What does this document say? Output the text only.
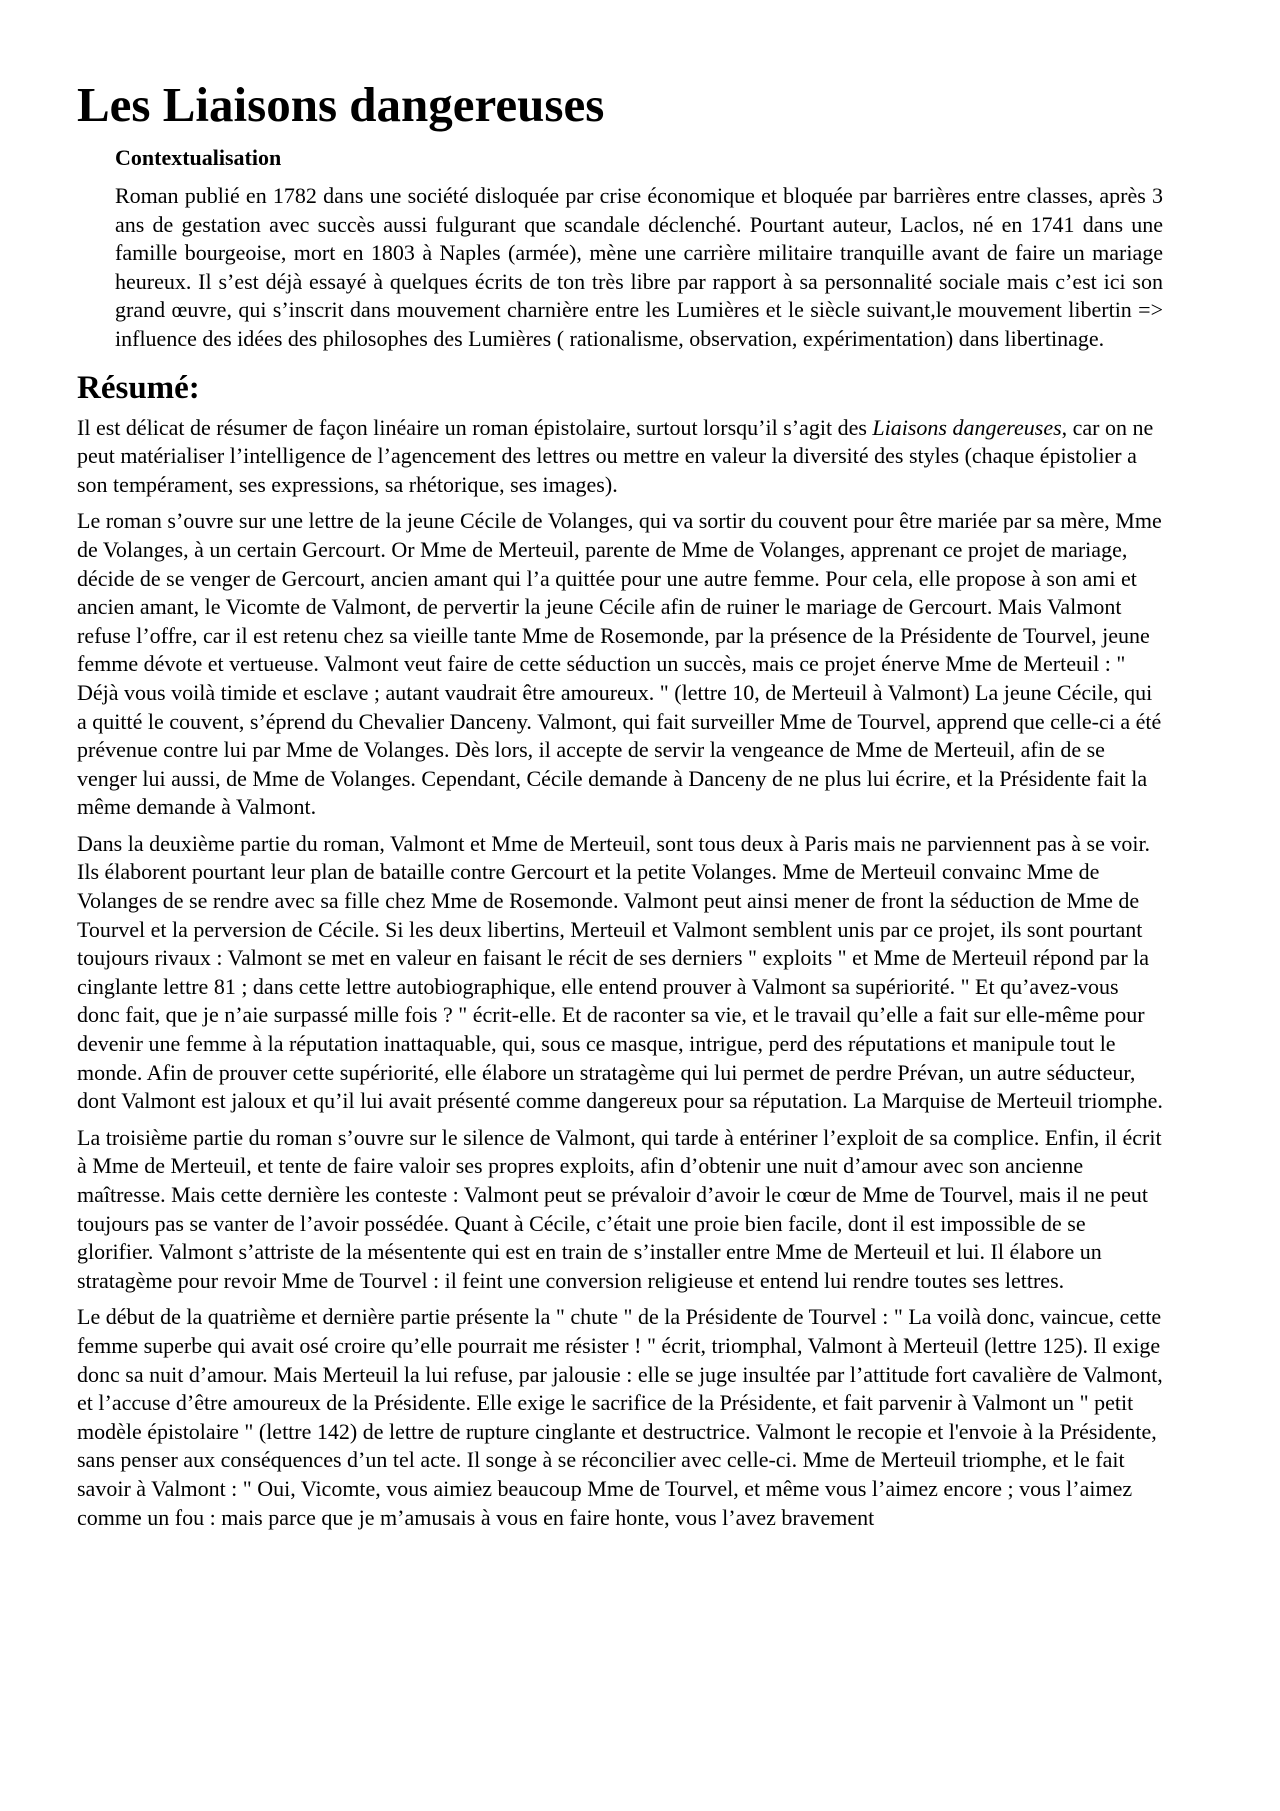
Les Liaisons dangereuses
Contextualisation

Roman publié en 1782 dans une société disloquée par crise économique et bloquée par barrières entre classes, après 3 ans de gestation avec succès aussi fulgurant que scandale déclenché. Pourtant auteur, Laclos, né en 1741 dans une famille bourgeoise, mort en 1803 à Naples (armée), mène une carrière militaire tranquille avant de faire un mariage heureux. Il s’est déjà essayé à quelques écrits de ton très libre par rapport à sa personnalité sociale mais c’est ici son grand œuvre, qui s’inscrit dans mouvement charnière entre les Lumières et le siècle suivant,le mouvement libertin => influence des idées des philosophes des Lumières ( rationalisme, observation, expérimentation) dans libertinage.

Résumé:

Il est délicat de résumer de façon linéaire un roman épistolaire, surtout lorsqu’il s’agit des Liaisons dangereuses, car on ne peut matérialiser l’intelligence de l’agencement des lettres ou mettre en valeur la diversité des styles (chaque épistolier a son tempérament, ses expressions, sa rhétorique, ses images).

Le roman s’ouvre sur une lettre de la jeune Cécile de Volanges, qui va sortir du couvent pour être mariée par sa mère, Mme de Volanges, à un certain Gercourt. Or Mme de Merteuil, parente de Mme de Volanges, apprenant ce projet de mariage, décide de se venger de Gercourt, ancien amant qui l’a quittée pour une autre femme. Pour cela, elle propose à son ami et ancien amant, le Vicomte de Valmont, de pervertir la jeune Cécile afin de ruiner le mariage de Gercourt. Mais Valmont refuse l’offre, car il est retenu chez sa vieille tante Mme de Rosemonde, par la présence de la Présidente de Tourvel, jeune femme dévote et vertueuse. Valmont veut faire de cette séduction un succès, mais ce projet énerve Mme de Merteuil : " Déjà vous voilà timide et esclave ; autant vaudrait être amoureux. " (lettre 10, de Merteuil à Valmont) La jeune Cécile, qui a quitté le couvent, s’éprend du Chevalier Danceny. Valmont, qui fait surveiller Mme de Tourvel, apprend que celle-ci a été prévenue contre lui par Mme de Volanges. Dès lors, il accepte de servir la vengeance de Mme de Merteuil, afin de se venger lui aussi, de Mme de Volanges. Cependant, Cécile demande à Danceny de ne plus lui écrire, et la Présidente fait la même demande à Valmont.

Dans la deuxième partie du roman, Valmont et Mme de Merteuil, sont tous deux à Paris mais ne parviennent pas à se voir. Ils élaborent pourtant leur plan de bataille contre Gercourt et la petite Volanges. Mme de Merteuil convainc Mme de Volanges de se rendre avec sa fille chez Mme de Rosemonde. Valmont peut ainsi mener de front la séduction de Mme de Tourvel et la perversion de Cécile. Si les deux libertins, Merteuil et Valmont semblent unis par ce projet, ils sont pourtant toujours rivaux : Valmont se met en valeur en faisant le récit de ses derniers " exploits " et Mme de Merteuil répond par la cinglante lettre 81 ; dans cette lettre autobiographique, elle entend prouver à Valmont sa supériorité. " Et qu’avez-vous donc fait, que je n’aie surpassé mille fois ? " écrit-elle. Et de raconter sa vie, et le travail qu’elle a fait sur elle-même pour devenir une femme à la réputation inattaquable, qui, sous ce masque, intrigue, perd des réputations et manipule tout le monde. Afin de prouver cette supériorité, elle élabore un stratagème qui lui permet de perdre Prévan, un autre séducteur, dont Valmont est jaloux et qu’il lui avait présenté comme dangereux pour sa réputation. La Marquise de Merteuil triomphe.

La troisième partie du roman s’ouvre sur le silence de Valmont, qui tarde à entériner l’exploit de sa complice. Enfin, il écrit à Mme de Merteuil, et tente de faire valoir ses propres exploits, afin d’obtenir une nuit d’amour avec son ancienne maîtresse. Mais cette dernière les conteste : Valmont peut se prévaloir d’avoir le cœur de Mme de Tourvel, mais il ne peut toujours pas se vanter de l’avoir possédée. Quant à Cécile, c’était une proie bien facile, dont il est impossible de se glorifier. Valmont s’attriste de la mésentente qui est en train de s’installer entre Mme de Merteuil et lui. Il élabore un stratagème pour revoir Mme de Tourvel : il feint une conversion religieuse et entend lui rendre toutes ses lettres.

Le début de la quatrième et dernière partie présente la " chute " de la Présidente de Tourvel : " La voilà donc, vaincue, cette femme superbe qui avait osé croire qu’elle pourrait me résister ! " écrit, triomphal, Valmont à Merteuil (lettre 125). Il exige donc sa nuit d’amour. Mais Merteuil la lui refuse, par jalousie : elle se juge insultée par l’attitude fort cavalière de Valmont, et l’accuse d’être amoureux de la Présidente. Elle exige le sacrifice de la Présidente, et fait parvenir à Valmont un " petit modèle épistolaire " (lettre 142) de lettre de rupture cinglante et destructrice. Valmont le recopie et l'envoie à la Présidente, sans penser aux conséquences d’un tel acte. Il songe à se réconcilier avec celle-ci. Mme de Merteuil triomphe, et le fait savoir à Valmont : " Oui, Vicomte, vous aimiez beaucoup Mme de Tourvel, et même vous l’aimez encore ; vous l’aimez comme un fou : mais parce que je m’amusais à vous en faire honte, vous l’avez bravement
